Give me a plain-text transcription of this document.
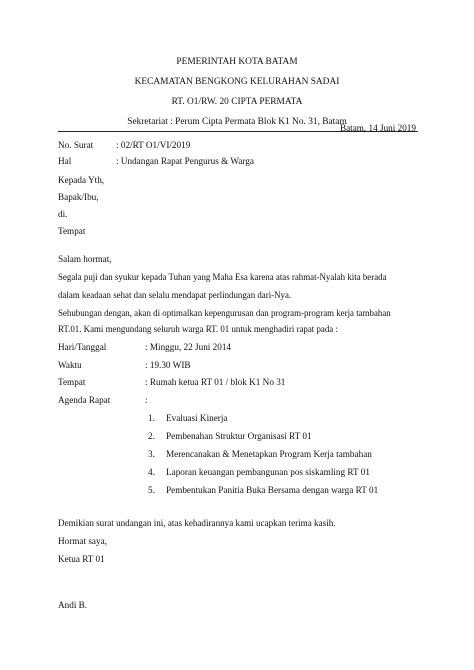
PEMERINTAH KOTA BATAM
KECAMATAN BENGKONG KELURAHAN SADAI
RT. O1/RW. 20 CIPTA PERMATA
Sekretariat : Perum Cipta Permata Blok K1 No. 31, Batam
Batam, 14 Juni 2019
No. Surat : 02/RT O1/VI/2019
Hal	: Undangan Rapat Pengurus & Warga
Kepada Yth,
Bapak/Ibu,
di.
Tempat
Salam hormat,
Segala puji dan syukur kepada Tuhan yang Maha Esa karena atas rahmat-Nyalah kita berada
dalam keadaan sehat dan selalu mendapat perlindungan dari-Nya.
Sehubungan dengan, akan di optimalkan kepengurusan dan program-program kerja tambahan
RT.01. Kami mengundang seluruh warga RT. 01 untuk menghadiri rapat pada :
Hari/Tanggal	: Minggu, 22 Juni 2014
Waktu	: 19.30 WIB
Tempat	: Rumah ketua RT 01 / blok K1 No 31
Agenda Rapat	:
1. Evaluasi Kinerja
2. Pembenahan Struktur Organisasi RT 01
3. Merencanakan & Menetapkan Program Kerja tambahan
4. Laporan keuangan pembangunan pos siskamling RT 01
5. Pembentukan Panitia Buka Bersama dengan warga RT 01
Demikian surat undangan ini, atas kehadirannya kami ucapkan terima kasih.
Hormat saya,
Ketua RT 01
Andi B.
